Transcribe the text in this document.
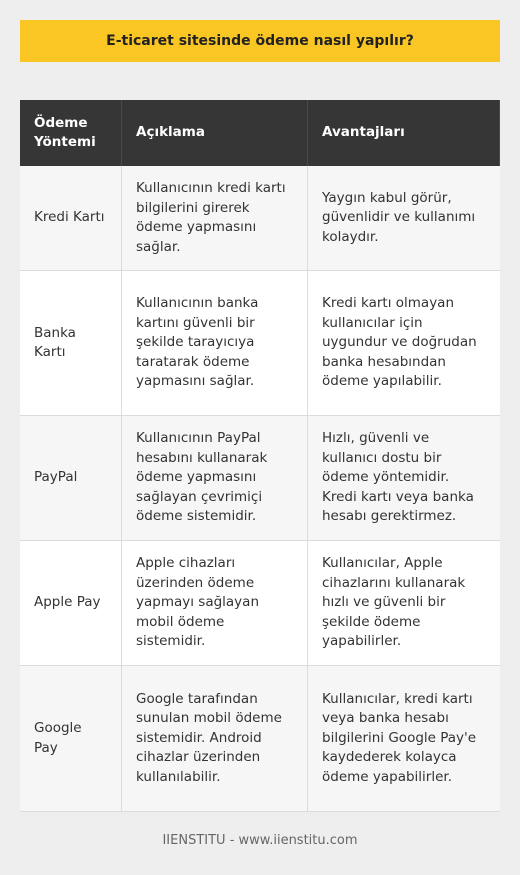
E-ticaret sitesinde ödeme nasıl yapılır?
Ödeme Yöntemi
Açıklama	Avantajları
Kredi Kartı
Kullanıcının kredi kartı bilgilerini girerek ödeme yapmasını sağlar.
Yaygın kabul görür, güvenlidir ve kullanımı kolaydır.
Banka Kartı
Kullanıcının banka kartını güvenli bir şekilde tarayıcıya taratarak ödeme yapmasını sağlar.
Kredi kartı olmayan kullanıcılar için uygundur ve doğrudan banka hesabından ödeme yapılabilir.
PayPal
Kullanıcının PayPal hesabını kullanarak ödeme yapmasını sağlayan çevrimiçi ödeme sistemidir.
Hızlı, güvenli ve kullanıcı dostu bir ödeme yöntemidir. Kredi kartı veya banka hesabı gerektirmez.
Apple Pay
Apple cihazları üzerinden ödeme yapmayı sağlayan mobil ödeme sistemidir.
Kullanıcılar, Apple cihazlarını kullanarak hızlı ve güvenli bir şekilde ödeme yapabilirler.
Google Pay
Google tarafından sunulan mobil ödeme sistemidir. Android cihazlar üzerinden kullanılabilir.
Kullanıcılar, kredi kartı veya banka hesabı bilgilerini Google Pay'e kaydederek kolayca ödeme yapabilirler.
IIENSTITU - www.iienstitu.com
